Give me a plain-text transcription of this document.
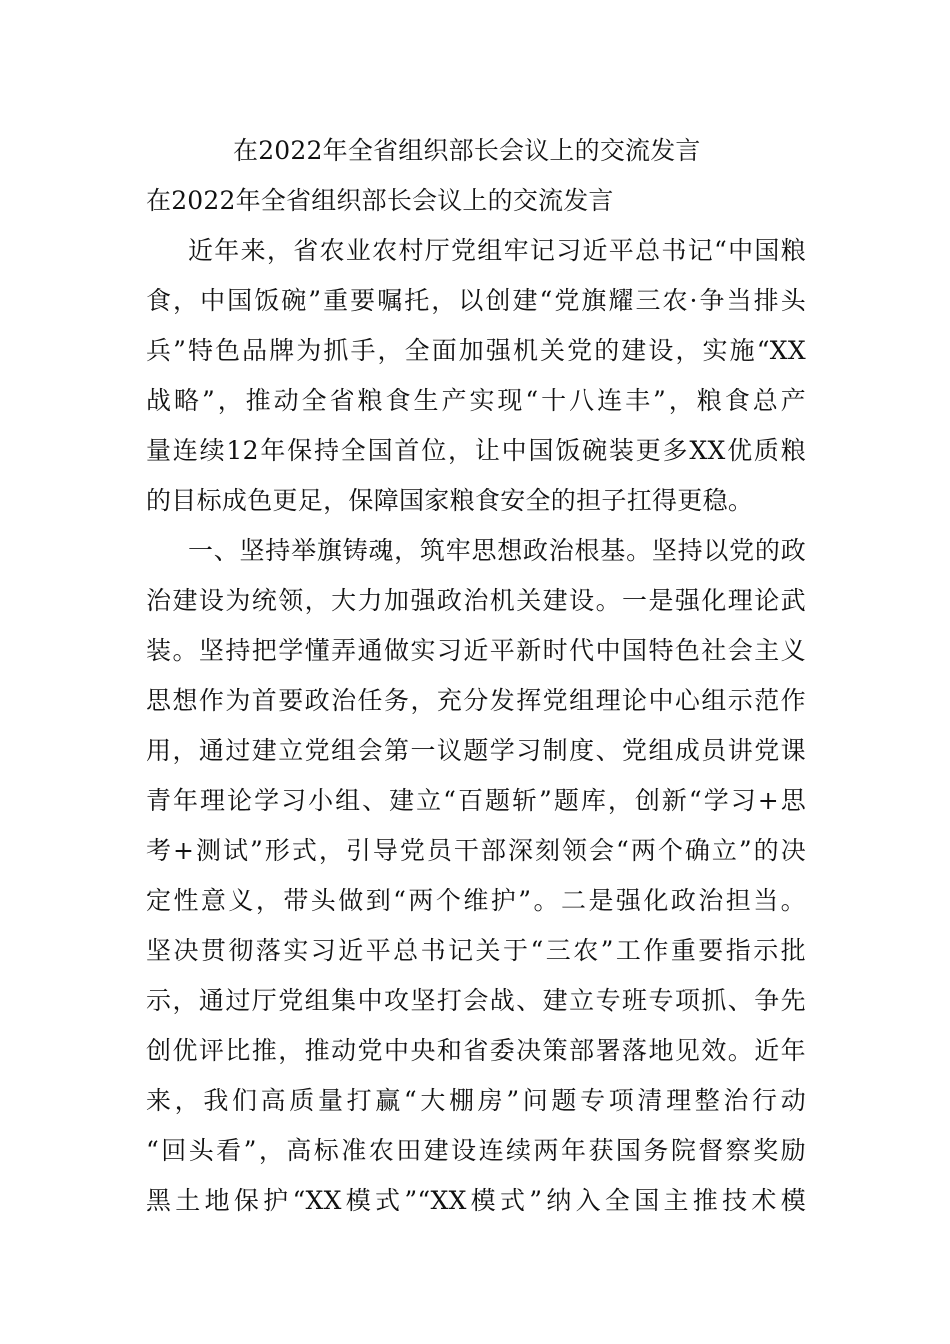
在2022年全省组织部长会议上的交流发言
在2022年全省组织部长会议上的交流发言
近年来，省农业农村厅党组牢记习近平总书记“中国粮
食，中国饭碗”重要嘱托，以创建“党旗耀三农·争当排头
兵”特色品牌为抓手，全面加强机关党的建设，实施“XX
战略”，推动全省粮食生产实现“十八连丰”，粮食总产
量连续12年保持全国首位，让中国饭碗装更多XX优质粮
的目标成色更足，保障国家粮食安全的担子扛得更稳。
一、坚持举旗铸魂，筑牢思想政治根基。坚持以党的政
治建设为统领，大力加强政治机关建设。一是强化理论武
装。坚持把学懂弄通做实习近平新时代中国特色社会主义
思想作为首要政治任务，充分发挥党组理论中心组示范作
用，通过建立党组会第一议题学习制度、党组成员讲党课
青年理论学习小组、建立“百题斩”题库，创新“学习+思
考+测试”形式，引导党员干部深刻领会“两个确立”的决
定性意义，带头做到“两个维护”。二是强化政治担当。
坚决贯彻落实习近平总书记关于“三农”工作重要指示批
示，通过厅党组集中攻坚打会战、建立专班专项抓、争先
创优评比推，推动党中央和省委决策部署落地见效。近年
来，我们高质量打赢“大棚房”问题专项清理整治行动
“回头看”，高标准农田建设连续两年获国务院督察奖励
黑土地保护“XX模式”“XX模式”纳入全国主推技术模
